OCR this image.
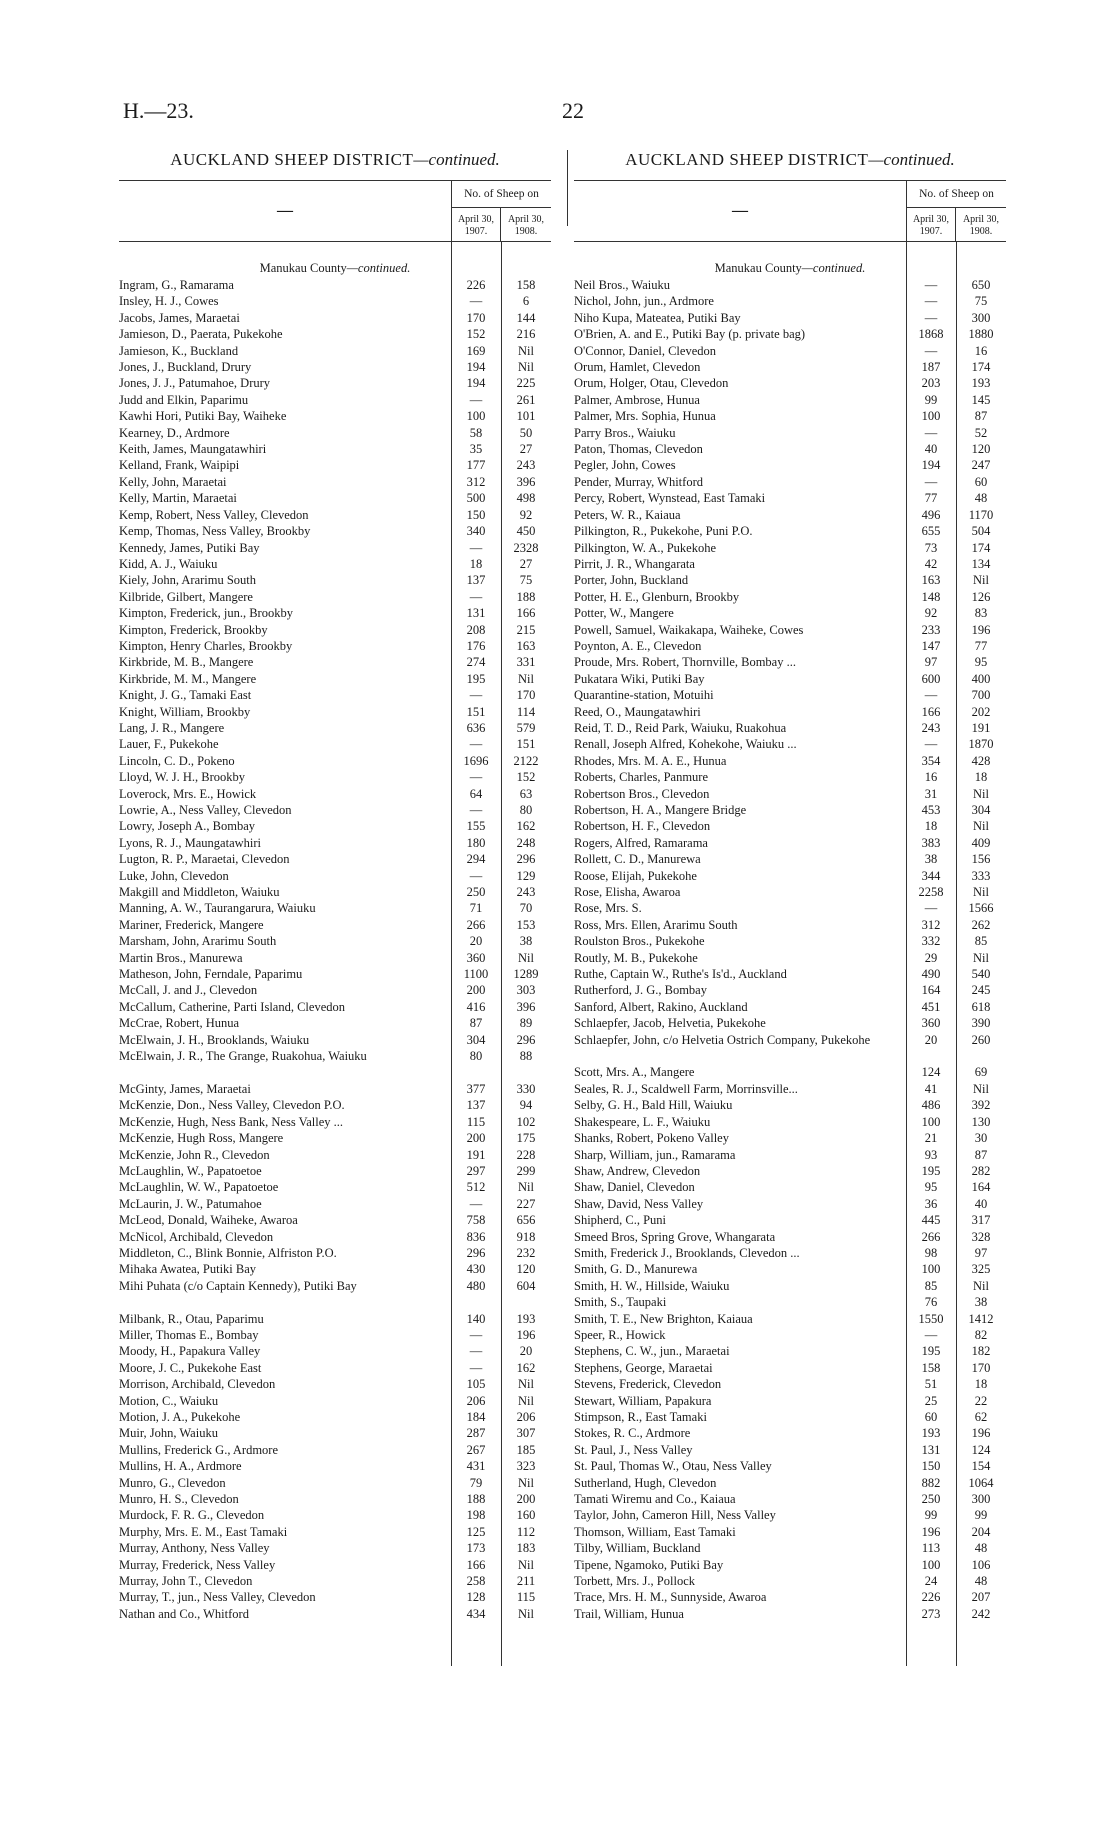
H.—23.	22
AUCKLAND SHEEP DISTRICT—continued.
—
No. of Sheep on
April 30, 1907.
April 30, 1908.
Manukau County—continued.
Ingram, G., Ramarama	226	158
Insley, H. J., Cowes	—	6
Jacobs, James, Maraetai	170	144
Jamieson, D., Paerata, Pukekohe	152	216
Jamieson, K., Buckland	169	Nil
Jones, J., Buckland, Drury	194	Nil
Jones, J. J., Patumahoe, Drury	194	225
Judd and Elkin, Paparimu	—	261
Kawhi Hori, Putiki Bay, Waiheke	100	101
Kearney, D., Ardmore	58	50
Keith, James, Maungatawhiri	35	27
Kelland, Frank, Waipipi	177	243
Kelly, John, Maraetai	312	396
Kelly, Martin, Maraetai	500	498
Kemp, Robert, Ness Valley, Clevedon	150	92
Kemp, Thomas, Ness Valley, Brookby	340	450
Kennedy, James, Putiki Bay	—	2328
Kidd, A. J., Waiuku	18	27
Kiely, John, Ararimu South	137	75
Kilbride, Gilbert, Mangere	—	188
Kimpton, Frederick, jun., Brookby	131	166
Kimpton, Frederick, Brookby	208	215
Kimpton, Henry Charles, Brookby	176	163
Kirkbride, M. B., Mangere	274	331
Kirkbride, M. M., Mangere	195	Nil
Knight, J. G., Tamaki East	—	170
Knight, William, Brookby	151	114
Lang, J. R., Mangere	636	579
Lauer, F., Pukekohe	—	151
Lincoln, C. D., Pokeno	1696	2122
Lloyd, W. J. H., Brookby	—	152
Loverock, Mrs. E., Howick	64	63
Lowrie, A., Ness Valley, Clevedon	—	80
Lowry, Joseph A., Bombay	155	162
Lyons, R. J., Maungatawhiri	180	248
Lugton, R. P., Maraetai, Clevedon	294	296
Luke, John, Clevedon	—	129
Makgill and Middleton, Waiuku	250	243
Manning, A. W., Taurangarura, Waiuku	71	70
Mariner, Frederick, Mangere	266	153
Marsham, John, Ararimu South	20	38
Martin Bros., Manurewa	360	Nil
Matheson, John, Ferndale, Paparimu	1100	1289
McCall, J. and J., Clevedon	200	303
McCallum, Catherine, Parti Island, Clevedon	416	396
McCrae, Robert, Hunua	87	89
McElwain, J. H., Brooklands, Waiuku	304	296
McElwain, J. R., The Grange, Ruakohua, Waiuku	80	88
McGinty, James, Maraetai	377	330
McKenzie, Don., Ness Valley, Clevedon P.O.	137	94
McKenzie, Hugh, Ness Bank, Ness Valley ...	115	102
McKenzie, Hugh Ross, Mangere	200	175
McKenzie, John R., Clevedon	191	228
McLaughlin, W., Papatoetoe	297	299
McLaughlin, W. W., Papatoetoe	512	Nil
McLaurin, J. W., Patumahoe	—	227
McLeod, Donald, Waiheke, Awaroa	758	656
McNicol, Archibald, Clevedon	836	918
Middleton, C., Blink Bonnie, Alfriston P.O.	296	232
Mihaka Awatea, Putiki Bay	430	120
Mihi Puhata (c/o Captain Kennedy), Putiki Bay	480	604
Milbank, R., Otau, Paparimu	140	193
Miller, Thomas E., Bombay	—	196
Moody, H., Papakura Valley	—	20
Moore, J. C., Pukekohe East	—	162
Morrison, Archibald, Clevedon	105	Nil
Motion, C., Waiuku	206	Nil
Motion, J. A., Pukekohe	184	206
Muir, John, Waiuku	287	307
Mullins, Frederick G., Ardmore	267	185
Mullins, H. A., Ardmore	431	323
Munro, G., Clevedon	79	Nil
Munro, H. S., Clevedon	188	200
Murdock, F. R. G., Clevedon	198	160
Murphy, Mrs. E. M., East Tamaki	125	112
Murray, Anthony, Ness Valley	173	183
Murray, Frederick, Ness Valley	166	Nil
Murray, John T., Clevedon	258	211
Murray, T., jun., Ness Valley, Clevedon	128	115
Nathan and Co., Whitford	434	Nil
AUCKLAND SHEEP DISTRICT—continued.
—
No. of Sheep on
April 30, 1907.
April 30, 1908.
Manukau County—continued.
Neil Bros., Waiuku	—	650
Nichol, John, jun., Ardmore	—	75
Niho Kupa, Mateatea, Putiki Bay	—	300
O'Brien, A. and E., Putiki Bay (p. private bag)	1868	1880
O'Connor, Daniel, Clevedon	—	16
Orum, Hamlet, Clevedon	187	174
Orum, Holger, Otau, Clevedon	203	193
Palmer, Ambrose, Hunua	99	145
Palmer, Mrs. Sophia, Hunua	100	87
Parry Bros., Waiuku	—	52
Paton, Thomas, Clevedon	40	120
Pegler, John, Cowes	194	247
Pender, Murray, Whitford	—	60
Percy, Robert, Wynstead, East Tamaki	77	48
Peters, W. R., Kaiaua	496	1170
Pilkington, R., Pukekohe, Puni P.O.	655	504
Pilkington, W. A., Pukekohe	73	174
Pirrit, J. R., Whangarata	42	134
Porter, John, Buckland	163	Nil
Potter, H. E., Glenburn, Brookby	148	126
Potter, W., Mangere	92	83
Powell, Samuel, Waikakapa, Waiheke, Cowes	233	196
Poynton, A. E., Clevedon	147	77
Proude, Mrs. Robert, Thornville, Bombay ...	97	95
Pukatara Wiki, Putiki Bay	600	400
Quarantine-station, Motuihi	—	700
Reed, O., Maungatawhiri	166	202
Reid, T. D., Reid Park, Waiuku, Ruakohua	243	191
Renall, Joseph Alfred, Kohekohe, Waiuku ...	—	1870
Rhodes, Mrs. M. A. E., Hunua	354	428
Roberts, Charles, Panmure	16	18
Robertson Bros., Clevedon	31	Nil
Robertson, H. A., Mangere Bridge	453	304
Robertson, H. F., Clevedon	18	Nil
Rogers, Alfred, Ramarama	383	409
Rollett, C. D., Manurewa	38	156
Roose, Elijah, Pukekohe	344	333
Rose, Elisha, Awaroa	2258	Nil
Rose, Mrs. S.	—	1566
Ross, Mrs. Ellen, Ararimu South	312	262
Roulston Bros., Pukekohe	332	85
Routly, M. B., Pukekohe	29	Nil
Ruthe, Captain W., Ruthe's Is'd., Auckland	490	540
Rutherford, J. G., Bombay	164	245
Sanford, Albert, Rakino, Auckland	451	618
Schlaepfer, Jacob, Helvetia, Pukekohe	360	390
Schlaepfer, John, c/o Helvetia Ostrich Company, Pukekohe	20	260
Scott, Mrs. A., Mangere	124	69
Seales, R. J., Scaldwell Farm, Morrinsville...	41	Nil
Selby, G. H., Bald Hill, Waiuku	486	392
Shakespeare, L. F., Waiuku	100	130
Shanks, Robert, Pokeno Valley	21	30
Sharp, William, jun., Ramarama	93	87
Shaw, Andrew, Clevedon	195	282
Shaw, Daniel, Clevedon	95	164
Shaw, David, Ness Valley	36	40
Shipherd, C., Puni	445	317
Smeed Bros, Spring Grove, Whangarata	266	328
Smith, Frederick J., Brooklands, Clevedon ...	98	97
Smith, G. D., Manurewa	100	325
Smith, H. W., Hillside, Waiuku	85	Nil
Smith, S., Taupaki	76	38
Smith, T. E., New Brighton, Kaiaua	1550	1412
Speer, R., Howick	—	82
Stephens, C. W., jun., Maraetai	195	182
Stephens, George, Maraetai	158	170
Stevens, Frederick, Clevedon	51	18
Stewart, William, Papakura	25	22
Stimpson, R., East Tamaki	60	62
Stokes, R. C., Ardmore	193	196
St. Paul, J., Ness Valley	131	124
St. Paul, Thomas W., Otau, Ness Valley	150	154
Sutherland, Hugh, Clevedon	882	1064
Tamati Wiremu and Co., Kaiaua	250	300
Taylor, John, Cameron Hill, Ness Valley	99	99
Thomson, William, East Tamaki	196	204
Tilby, William, Buckland	113	48
Tipene, Ngamoko, Putiki Bay	100	106
Torbett, Mrs. J., Pollock	24	48
Trace, Mrs. H. M., Sunnyside, Awaroa	226	207
Trail, William, Hunua	273	242
